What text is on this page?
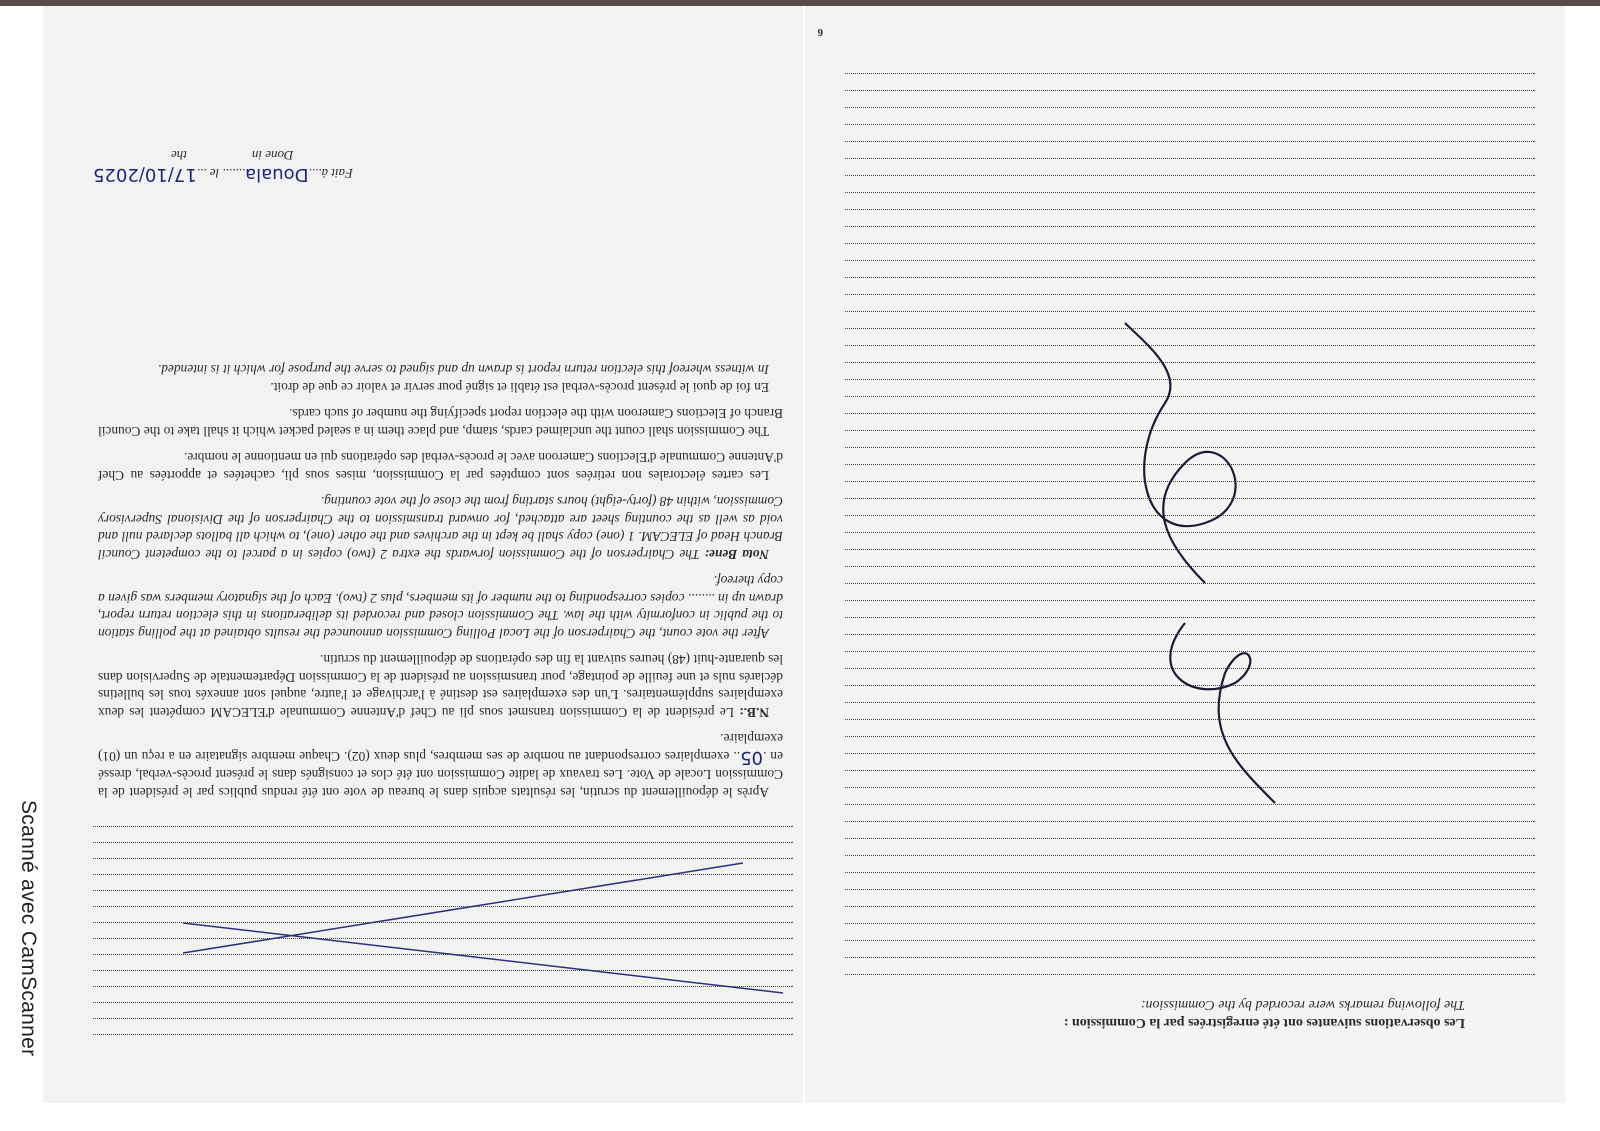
Les observations suivantes ont été enregistrées par la Commission :
The following remarks were recorded by the Commission:
6

Après le dépouillement du scrutin, les résultats acquis dans le bureau de vote ont été rendus publics par le président de la Commission Locale de Vote. Les travaux de ladite Commission ont été clos et consignés dans le présent procès-verbal, dressé en .05.. exemplaires correspondant au nombre de ses membres, plus deux (02). Chaque membre signataire en a reçu un (01) exemplaire.

N.B.: Le président de la Commission transmet sous pli au Chef d'Antenne Communale d'ELECAM compétent les deux exemplaires supplémentaires. L'un des exemplaires est destiné à l'archivage et l'autre, auquel sont annexés tous les bulletins déclarés nuls et une feuille de pointage, pour transmission au président de la Commission Départementale de Supervision dans les quarante-huit (48) heures suivant la fin des opérations de dépouillement du scrutin.

After the vote count, the Chairperson of the Local Polling Commission announced the results obtained at the polling station to the public in conformity with the law. The Commission closed and recorded its deliberations in this election return report, drawn up in ........ copies corresponding to the number of its members, plus 2 (two). Each of the signatory members was given a copy thereof.

Nota Bene: The Chairperson of the Commission forwards the extra 2 (two) copies in a parcel to the competent Council Branch Head of ELECAM. 1 (one) copy shall be kept in the archives and the other (one), to which all ballots declared null and void as well as the counting sheet are attached, for onward transmission to the Chairperson of the Divisional Supervisory Commission, within 48 (forty-eight) hours starting from the close of the vote counting.

Les cartes électorales non retirées sont comptées par la Commission, mises sous pli, cachetées et apportées au Chef d'Antenne Communale d'Elections Cameroon avec le procès-verbal des opérations qui en mentionne le nombre.

The Commission shall count the unclaimed cards, stamp, and place them in a sealed packet which it shall take to the Council Branch of Elections Cameroon with the election report specifying the number of such cards.

En foi de quoi le présent procès-verbal est établi et signé pour servir et valoir ce que de droit.

In witness whereof this election return report is drawn up and signed to serve the purpose for which it is intended.

Fait à....Douala....... le ...17/10/2025
Done in                    the
Scanné avec CamScanner
